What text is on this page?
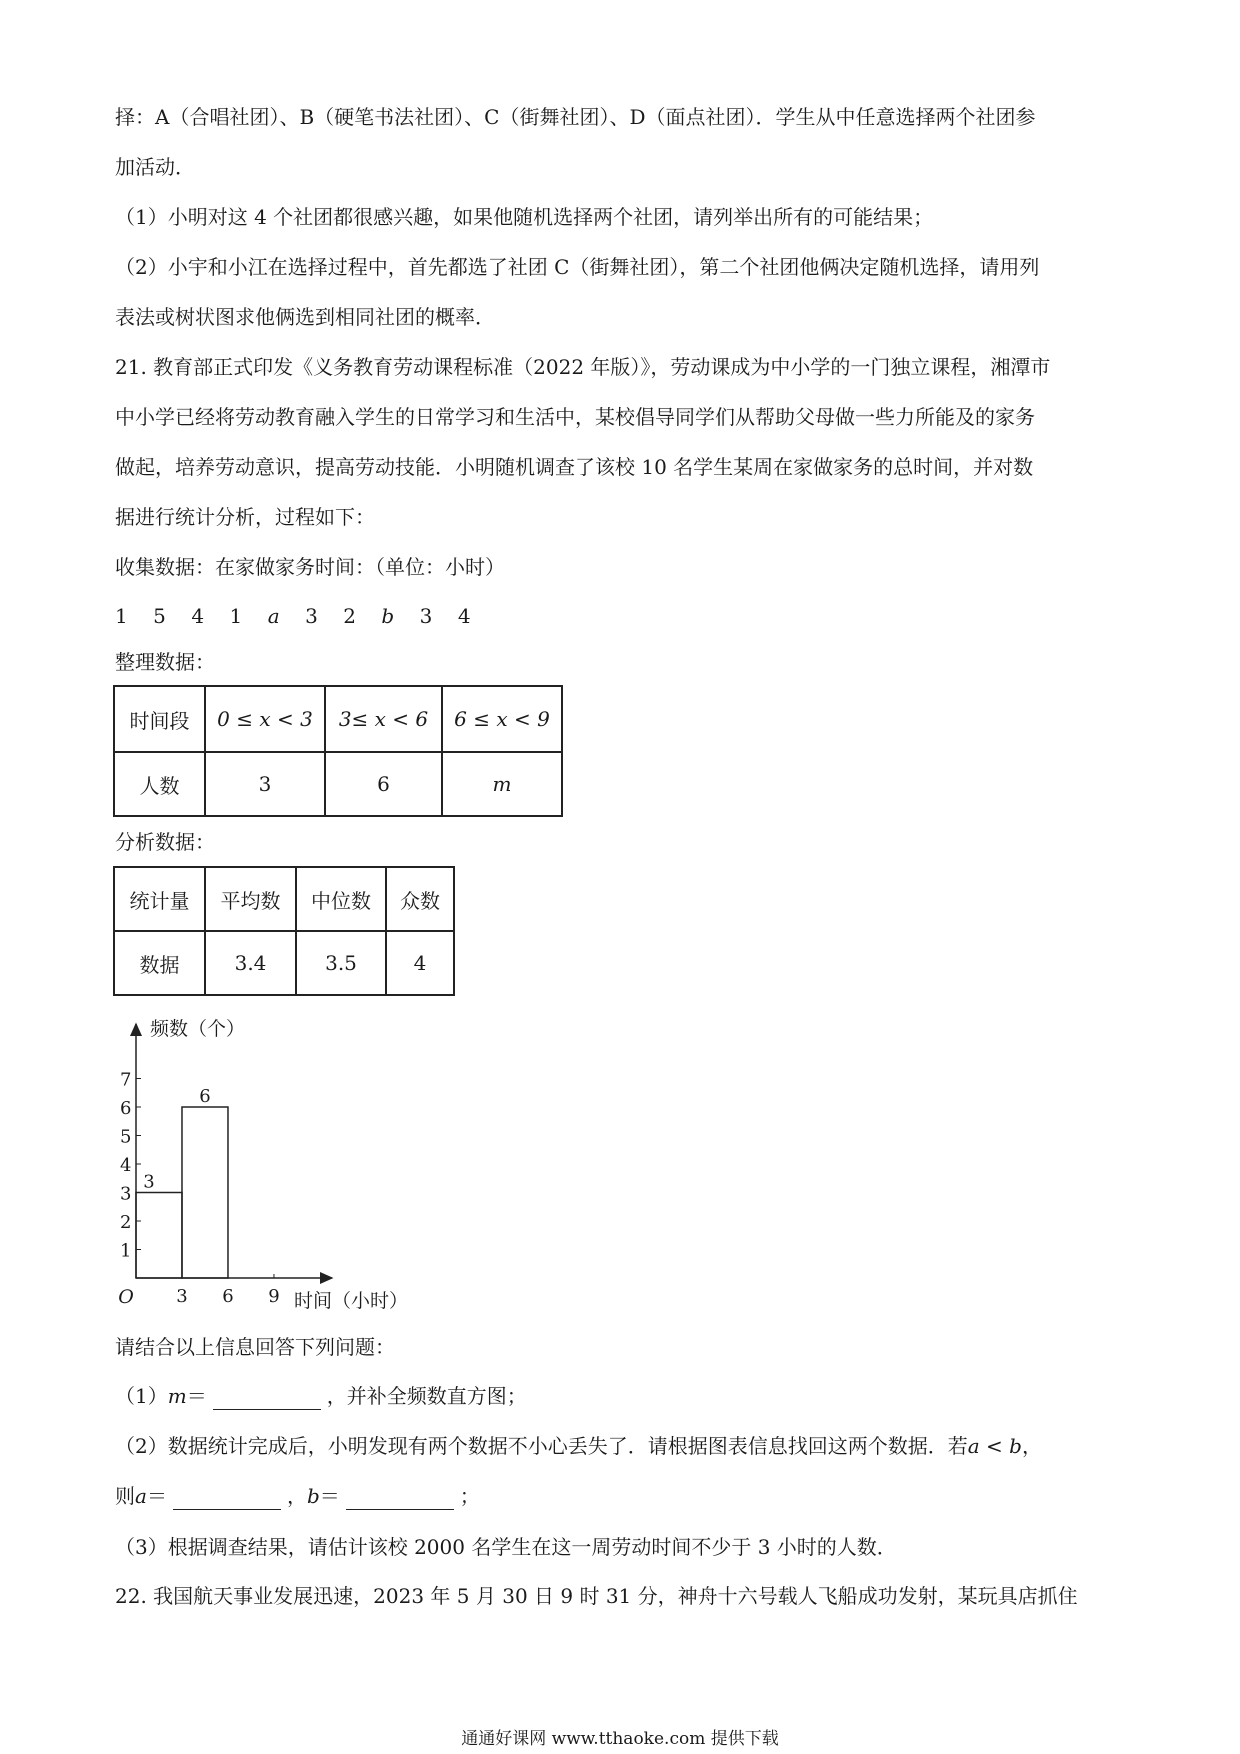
择：A（合唱社团）、B（硬笔书法社团）、C（街舞社团）、D（面点社团）．学生从中任意选择两个社团参
加活动．
（1）小明对这 4 个社团都很感兴趣，如果他随机选择两个社团，请列举出所有的可能结果；
（2）小宇和小江在选择过程中，首先都选了社团 C（街舞社团），第二个社团他俩决定随机选择，请用列
表法或树状图求他俩选到相同社团的概率．
21. 教育部正式印发《义务教育劳动课程标准（2022 年版）》，劳动课成为中小学的一门独立课程，湘潭市
中小学已经将劳动教育融入学生的日常学习和生活中，某校倡导同学们从帮助父母做一些力所能及的家务
做起，培养劳动意识，提高劳动技能．小明随机调查了该校 10 名学生某周在家做家务的总时间，并对数
据进行统计分析，过程如下：
收集数据：在家做家务时间：（单位：小时）
1 5 4 1 a 3 2 b 3 4
整理数据：
时间段	0 ≤ x < 3	3≤ x < 6	6 ≤ x < 9
人数	3	6	m
分析数据：
统计量	平均数	中位数	众数
数据	3.4	3.5	4
频数（个）
时间（小时）
O
1
2
3
4
5
6
7
3 6 9
3
6
请结合以上信息回答下列问题：
（1）m＝	，并补全频数直方图；
（2）数据统计完成后，小明发现有两个数据不小心丢失了．请根据图表信息找回这两个数据．若a < b，
则a＝	，b＝	；
（3）根据调查结果，请估计该校 2000 名学生在这一周劳动时间不少于 3 小时的人数．
22. 我国航天事业发展迅速，2023 年 5 月 30 日 9 时 31 分，神舟十六号载人飞船成功发射，某玩具店抓住
通通好课网 www.tthaoke.com 提供下载
